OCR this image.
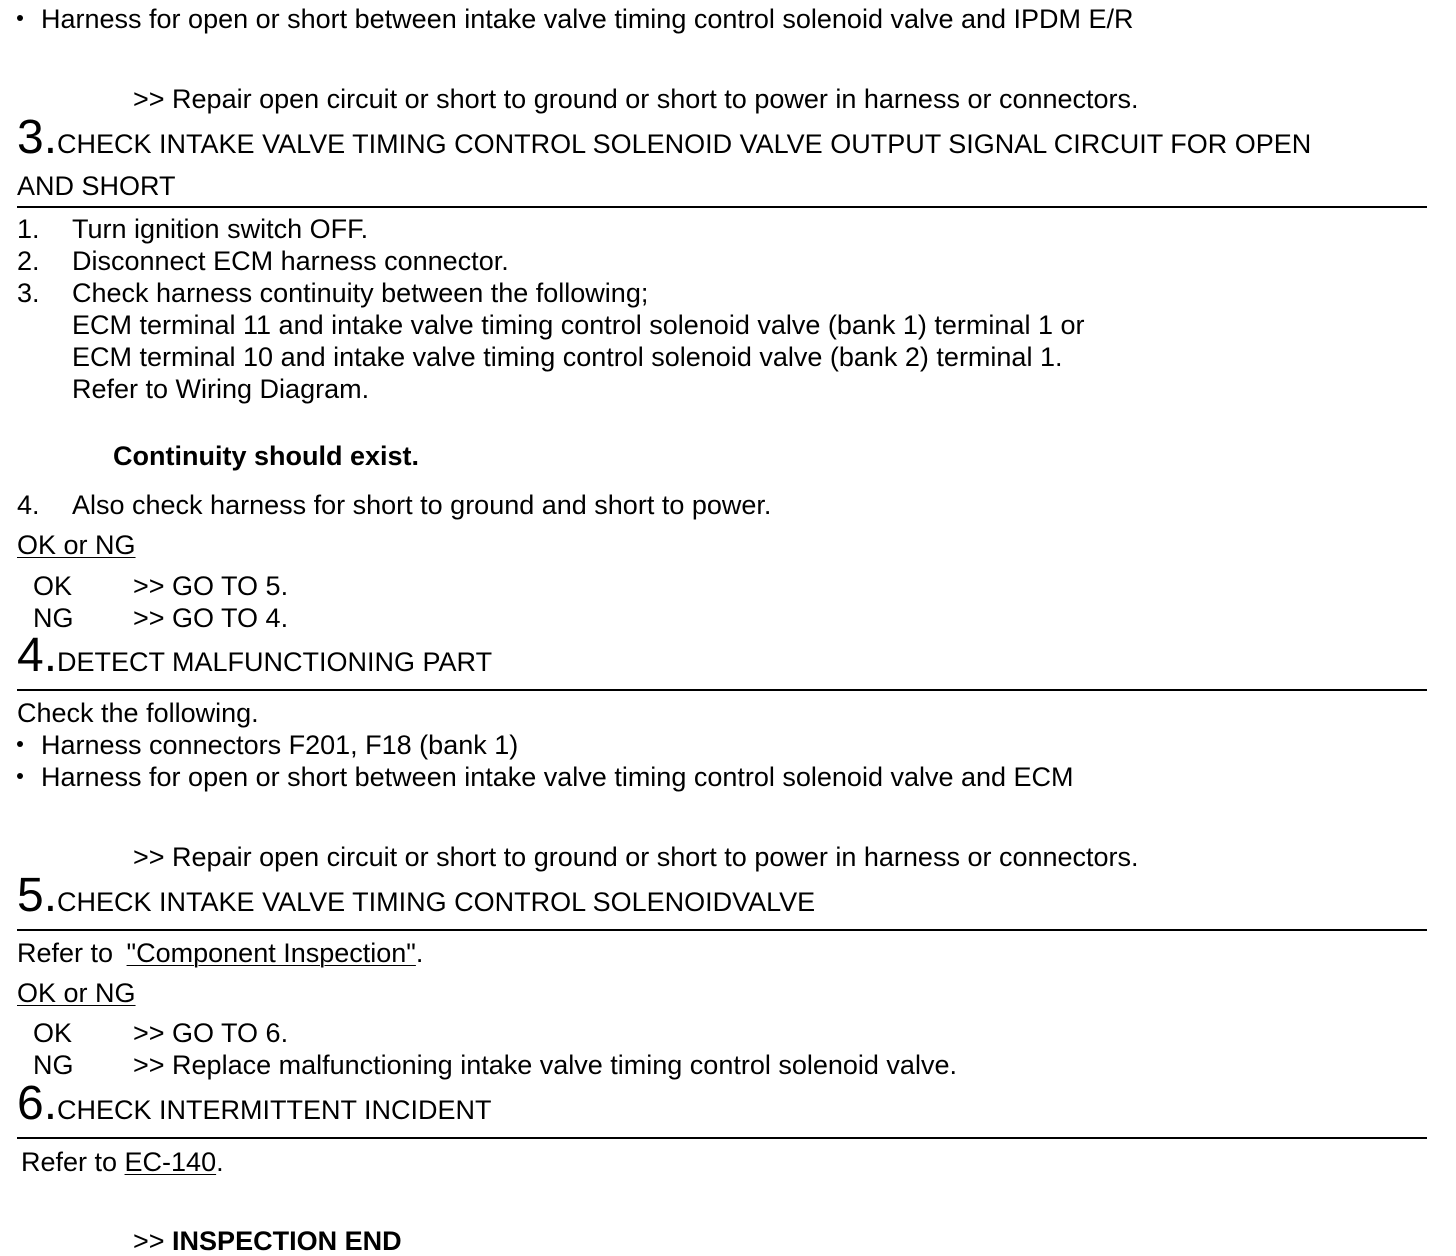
Harness for open or short between intake valve timing control solenoid valve and IPDM E/R
>> Repair open circuit or short to ground or short to power in harness or connectors.
3.CHECK INTAKE VALVE TIMING CONTROL SOLENOID VALVE OUTPUT SIGNAL CIRCUIT FOR OPEN
AND SHORT
1. Turn ignition switch OFF.
2. Disconnect ECM harness connector.
3. Check harness continuity between the following;
ECM terminal 11 and intake valve timing control solenoid valve (bank 1) terminal 1 or
ECM terminal 10 and intake valve timing control solenoid valve (bank 2) terminal 1.
Refer to Wiring Diagram.
Continuity should exist.
4. Also check harness for short to ground and short to power.
OK or NG
OK >> GO TO 5.
NG >> GO TO 4.
4.DETECT MALFUNCTIONING PART
Check the following.
Harness connectors F201, F18 (bank 1)
Harness for open or short between intake valve timing control solenoid valve and ECM
>> Repair open circuit or short to ground or short to power in harness or connectors.
5.CHECK INTAKE VALVE TIMING CONTROL SOLENOIDVALVE
Refer to "Component Inspection".
OK or NG
OK >> GO TO 6.
NG >> Replace malfunctioning intake valve timing control solenoid valve.
6.CHECK INTERMITTENT INCIDENT
Refer to EC-140.
>> INSPECTION END
